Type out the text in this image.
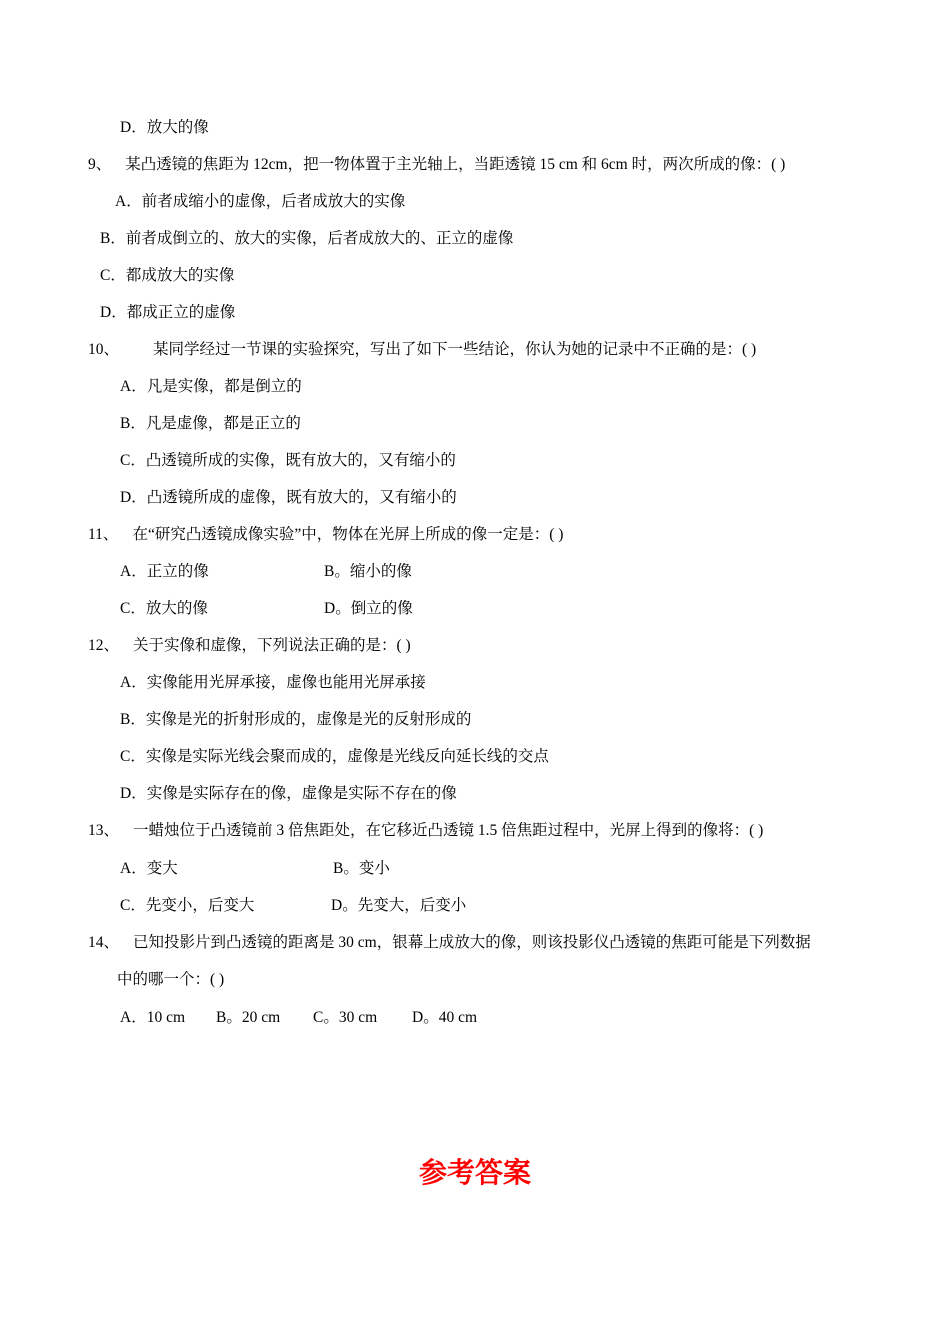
D．放大的像
9、 某凸透镜的焦距为 12cm，把一物体置于主光轴上，当距透镜 15 cm 和 6cm 时，两次所成的像：( )
A．前者成缩小的虚像，后者成放大的实像
B．前者成倒立的、放大的实像，后者成放大的、正立的虚像
C．都成放大的实像
D．都成正立的虚像
10、 某同学经过一节课的实验探究，写出了如下一些结论，你认为她的记录中不正确的是：( )
A．凡是实像，都是倒立的
B．凡是虚像，都是正立的
C．凸透镜所成的实像，既有放大的，又有缩小的
D．凸透镜所成的虚像，既有放大的，又有缩小的
11、 在“研究凸透镜成像实验”中，物体在光屏上所成的像一定是：( )
A．正立的像	B。缩小的像
C．放大的像	D。倒立的像
12、 关于实像和虚像，下列说法正确的是：( )
A．实像能用光屏承接，虚像也能用光屏承接
B．实像是光的折射形成的，虚像是光的反射形成的
C．实像是实际光线会聚而成的，虚像是光线反向延长线的交点
D．实像是实际存在的像，虚像是实际不存在的像
13、 一蜡烛位于凸透镜前 3 倍焦距处，在它移近凸透镜 1.5 倍焦距过程中，光屏上得到的像将：( )
A．变大	B。变小
C．先变小，后变大	D。先变大，后变小
14、 已知投影片到凸透镜的距离是 30 cm，银幕上成放大的像，则该投影仪凸透镜的焦距可能是下列数据
中的哪一个：( )
A．10 cm B。20 cm C。30 cm D。40 cm
参考答案
